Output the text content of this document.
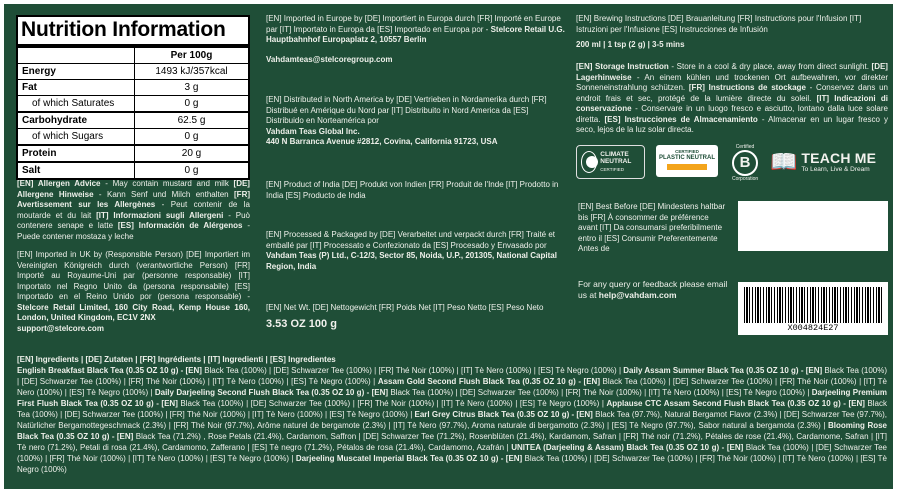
Nutrition Information
	Per 100g
Energy	1493 kJ/357kcal
Fat	3 g
of which Saturates	0 g
Carbohydrate	62.5 g
of which Sugars	0 g
Protein	20 g
Salt	0 g
[EN] Allergen Advice - May contain mustard and milk [DE] Allergene Hinweise - Kann Senf und Milch enthalten [FR] Avertissement sur les Allergènes - Peut contenir de la moutarde et du lait [IT] Informazioni sugli Allergeni - Può contenere senape e latte [ES] Información de Alérgenos - Puede contener mostaza y leche
[EN] Imported in UK by (Responsible Person) [DE] Importiert im Vereinigten Königreich durch (verantwortliche Person) [FR] Importé au Royaume-Uni par (personne responsable) [IT] Importato nel Regno Unito da (persona responsabile) [ES] Importado en el Reino Unido por (persona responsable) - Stelcore Retail Limited, 160 City Road, Kemp House 160, London, United Kingdom, EC1V 2NX
support@stelcore.com
[EN] Imported in Europe by [DE] Importiert in Europa durch [FR] Importé en Europe par [IT] Importato in Europa da [ES] Importado en Europa por - Stelcore Retail U.G. Hauptbahnhof Europaplatz 2, 10557 Berlin
Vahdamteas@stelcoregroup.com
[EN] Distributed in North America by [DE] Vertrieben in Nordamerika durch [FR] Distribué en Amérique du Nord par [IT] Distribuito in Nord America da [ES] Distribuido en Norteamérica por
Vahdam Teas Global Inc.
440 N Barranca Avenue #2812, Covina, California 91723, USA
[EN] Product of India [DE] Produkt von Indien [FR] Produit de l'Inde [IT] Prodotto in India [ES] Producto de India
[EN] Processed & Packaged by [DE] Verarbeitet und verpackt durch [FR] Traité et emballé par [IT] Processato e Confezionato da [ES] Procesado y Envasado por
Vahdam Teas (P) Ltd., C-12/3, Sector 85, Noida, U.P., 201305, National Capital Region, India
[EN] Net Wt. [DE] Nettogewicht [FR] Poids Net [IT] Peso Netto [ES] Peso Neto
3.53 OZ 100 g
[EN] Brewing Instructions [DE] Brauanleitung [FR] Instructions pour l'Infusion [IT] Istruzioni per l'Infusione [ES] Instrucciones de Infusión
200 ml | 1 tsp (2 g) | 3-5 mins
[EN] Storage Instruction - Store in a cool & dry place, away from direct sunlight. [DE] Lagerhinweise - An einem kühlen und trockenen Ort aufbewahren, vor direkter Sonneneinstrahlung schützen. [FR] Instructions de stockage - Conservez dans un endroit frais et sec, protégé de la lumière directe du soleil. [IT] Indicazioni di conservazione - Conservare in un luogo fresco e asciutto, lontano dalla luce solare diretta. [ES] Instrucciones de Almacenamiento - Almacenar en un lugar fresco y seco, lejos de la luz solar directa.
CLIMATE NEUTRAL
CERTIFIED
CERTIFIED
PLASTIC NEUTRAL
Certified
B
Corporation
📖 TEACH ME
To Learn, Live & Dream
[EN] Best Before [DE] Mindestens haltbar bis [FR] À consommer de préférence avant [IT] Da consumarsi preferibilmente entro il [ES] Consumir Preferentemente Antes de
For any query or feedback please email us at help@vahdam.com
X004824E27
[EN] Ingredients | [DE] Zutaten | [FR] Ingrédients | [IT] Ingredienti | [ES] Ingredientes
English Breakfast Black Tea (0.35 OZ 10 g) - [EN] Black Tea (100%) | [DE] Schwarzer Tee (100%) | [FR] Thé Noir (100%) | [IT] Tè Nero (100%) | [ES] Tè Negro (100%) | Daily Assam Summer Black Tea (0.35 OZ 10 g) - [EN] Black Tea (100%) | [DE] Schwarzer Tee (100%) | [FR] Thé Noir (100%) | [IT] Tè Nero (100%) | [ES] Tè Negro (100%) | Assam Gold Second Flush Black Tea (0.35 OZ 10 g) - [EN] Black Tea (100%) | [DE] Schwarzer Tee (100%) | [FR] Thé Noir (100%) | [IT] Tè Nero (100%) | [ES] Tè Negro (100%) | Daily Darjeeling Second Flush Black Tea (0.35 OZ 10 g) - [EN] Black Tea (100%) | [DE] Schwarzer Tee (100%) | [FR] Thé Noir (100%) | [IT] Tè Nero (100%) | [ES] Tè Negro (100%) | Darjeeling Premium First Flush Black Tea (0.35 OZ 10 g) - [EN] Black Tea (100%) | [DE] Schwarzer Tee (100%) | [FR] Thé Noir (100%) | [IT] Tè Nero (100%) | [ES] Tè Negro (100%) | Applause CTC Assam Second Flush Black Tea (0.35 OZ 10 g) - [EN] Black Tea (100%) | [DE] Schwarzer Tee (100%) | [FR] Thé Noir (100%) | [IT] Tè Nero (100%) | [ES] Tè Negro (100%) | Earl Grey Citrus Black Tea (0.35 OZ 10 g) - [EN] Black Tea (97.7%), Natural Bergamot Flavor (2.3%) | [DE] Schwarzer Tee (97.7%), Natürlicher Bergamottegeschmack (2.3%) | [FR] Thé Noir (97.7%), Arôme naturel de bergamote (2.3%) | [IT] Tè Nero (97.7%), Aroma naturale di bergamotto (2.3%) | [ES] Tè Negro (97.7%), Sabor natural a bergamota (2.3%) | Blooming Rose Black Tea (0.35 OZ 10 g) - [EN] Black Tea (71.2%) , Rose Petals (21.4%), Cardamom, Saffron | [DE] Schwarzer Tee (71.2%), Rosenblüten (21.4%), Kardamom, Safran | [FR] Thé noir (71.2%), Pétales de rose (21.4%), Cardamome, Safran | [IT] Tè nero (71.2%), Petali di rosa (21.4%), Cardamomo, Zafferano | [ES] Tè negro (71.2%), Pétalos de rosa (21.4%), Cardamomo, Azafrán | UNITEA (Darjeeling & Assam) Black Tea (0.35 OZ 10 g) - [EN] Black Tea (100%) | [DE] Schwarzer Tee (100%) | [FR] Thé Noir (100%) | [IT] Tè Nero (100%) | [ES] Tè Negro (100%) | Darjeeling Muscatel Imperial Black Tea (0.35 OZ 10 g) - [EN] Black Tea (100%) | [DE] Schwarzer Tee (100%) | [FR] Thé Noir (100%) | [IT] Tè Nero (100%) | [ES] Tè Negro (100%)
